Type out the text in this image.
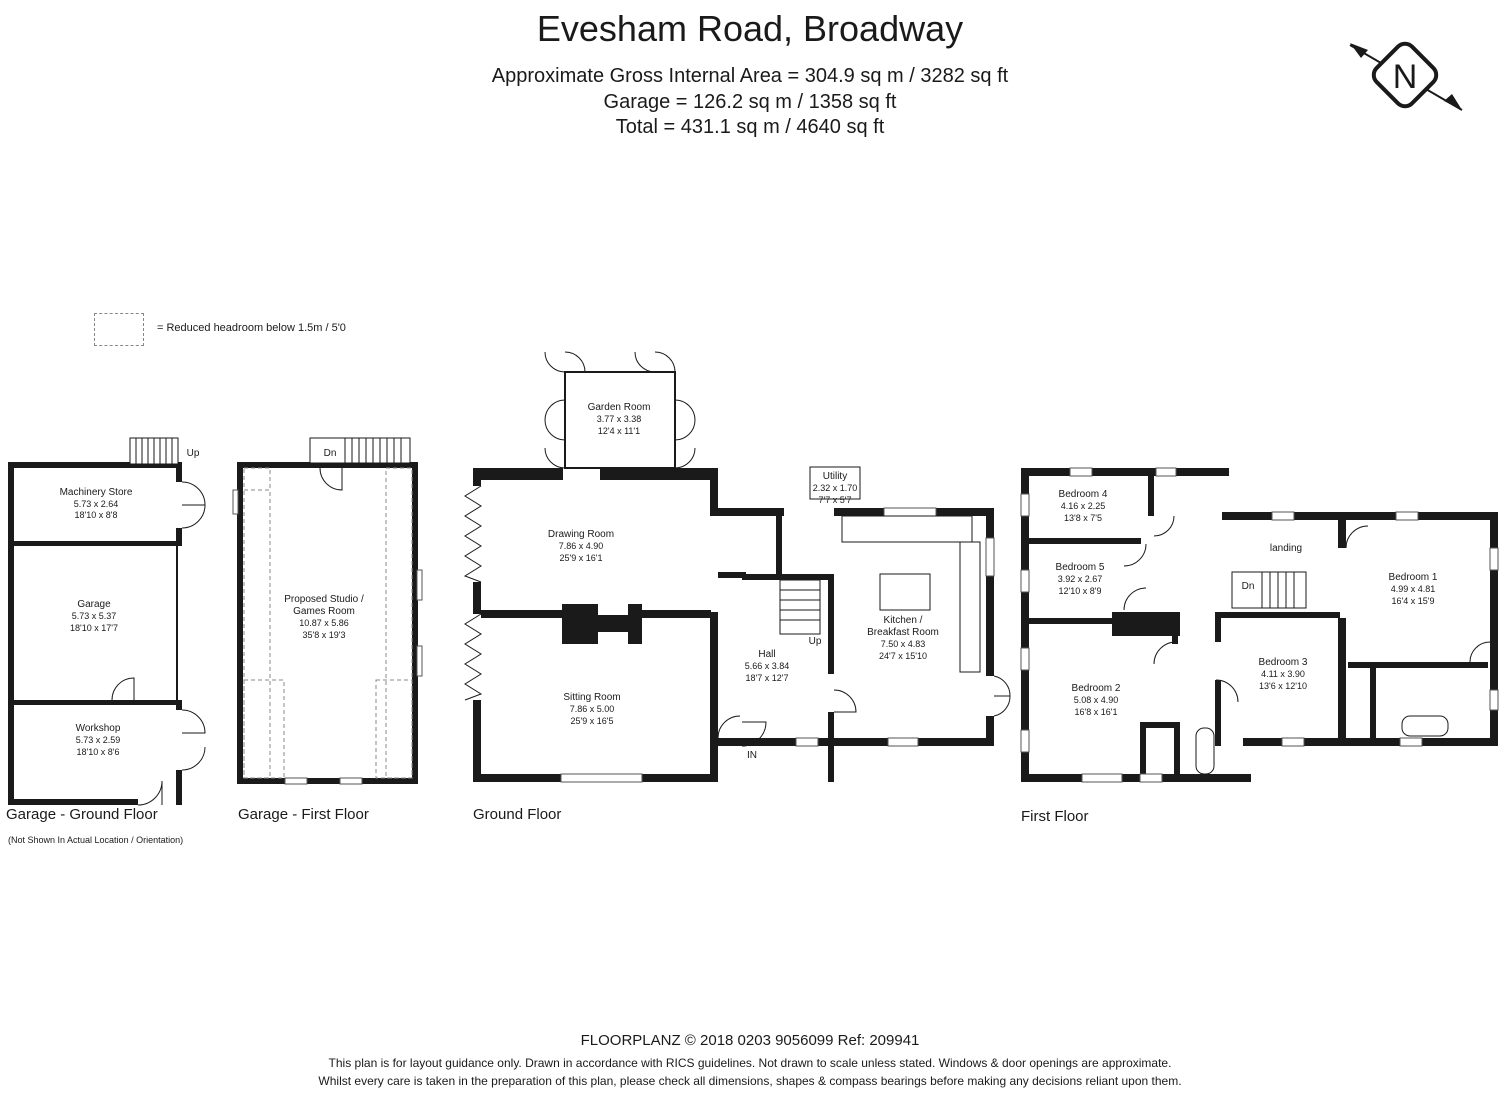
Evesham Road, Broadway
Approximate Gross Internal Area = 304.9 sq m / 3282 sq ft
Garage = 126.2 sq m / 1358 sq ft
Total = 431.1 sq m / 4640 sq ft
= Reduced headroom below 1.5m / 5'0
N
Up	Dn
Up
Dn
IN
Machinery Store
5.73 x 2.64
18'10 x 8'8
Garage
5.73 x 5.37
18'10 x 17'7
Workshop
5.73 x 2.59
18'10 x 8'6
Proposed Studio /
Games Room
10.87 x 5.86
35'8 x 19'3
Garden Room
3.77 x 3.38
12'4 x 11'1
Drawing Room
7.86 x 4.90
25'9 x 16'1
Sitting Room
7.86 x 5.00
25'9 x 16'5
Hall
5.66 x 3.84
18'7 x 12'7
Utility
2.32 x 1.70
7'7 x 5'7
Kitchen /
Breakfast Room
7.50 x 4.83
24'7 x 15'10
Bedroom 4
4.16 x 2.25
13'8 x 7'5
Bedroom 5
3.92 x 2.67
12'10 x 8'9
landing
Bedroom 1
4.99 x 4.81
16'4 x 15'9
Bedroom 2
5.08 x 4.90
16'8 x 16'1
Bedroom 3
4.11 x 3.90
13'6 x 12'10
Garage - Ground Floor
(Not Shown In Actual Location / Orientation)
Garage - First Floor	Ground Floor	First Floor
FLOORPLANZ © 2018 0203 9056099 Ref: 209941
This plan is for layout guidance only. Drawn in accordance with RICS guidelines. Not drawn to scale unless stated. Windows & door openings are approximate.
Whilst every care is taken in the preparation of this plan, please check all dimensions, shapes & compass bearings before making any decisions reliant upon them.
